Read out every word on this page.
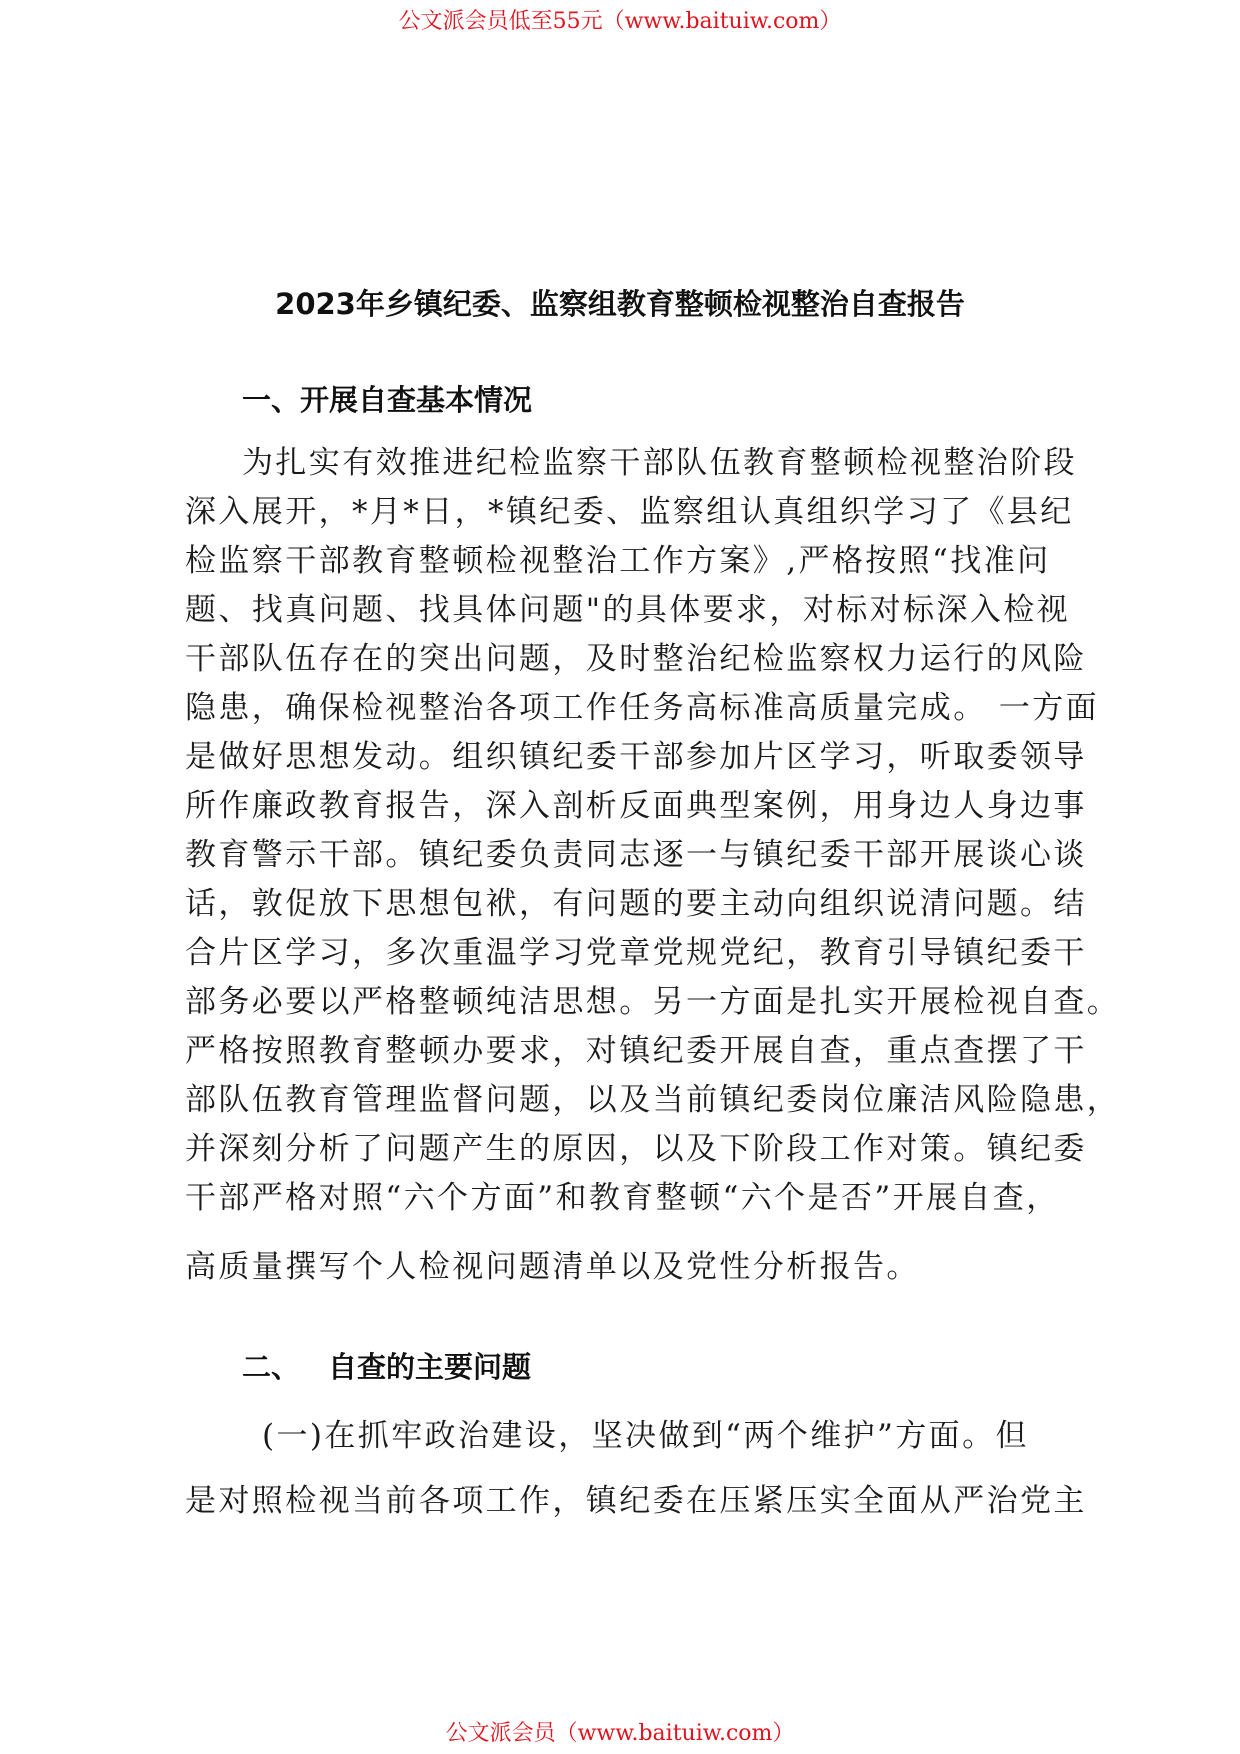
公文派会员低至55元（www.baituiw.com）
2023年乡镇纪委、监察组教育整顿检视整治自查报告
一、开展自查基本情况
为扎实有效推进纪检监察干部队伍教育整顿检视整治阶段
深入展开，*月*日，*镇纪委、监察组认真组织学习了《县纪
检监察干部教育整顿检视整治工作方案》,严格按照“找准问
题、找真问题、找具体问题"的具体要求，对标对标深入检视
干部队伍存在的突出问题，及时整治纪检监察权力运行的风险
隐患，确保检视整治各项工作任务高标准高质量完成。 一方面
是做好思想发动。组织镇纪委干部参加片区学习，听取委领导
所作廉政教育报告，深入剖析反面典型案例，用身边人身边事
教育警示干部。镇纪委负责同志逐一与镇纪委干部开展谈心谈
话，敦促放下思想包袱，有问题的要主动向组织说清问题。结
合片区学习，多次重温学习党章党规党纪，教育引导镇纪委干
部务必要以严格整顿纯洁思想。另一方面是扎实开展检视自查。
严格按照教育整顿办要求，对镇纪委开展自查，重点查摆了干
部队伍教育管理监督问题，以及当前镇纪委岗位廉洁风险隐患，
并深刻分析了问题产生的原因，以及下阶段工作对策。镇纪委
干部严格对照“六个方面”和教育整顿“六个是否”开展自查，
高质量撰写个人检视问题清单以及党性分析报告。
二、 自查的主要问题
(一)在抓牢政治建设，坚决做到“两个维护”方面。但
是对照检视当前各项工作，镇纪委在压紧压实全面从严治党主
公文派会员（www.baituiw.com）
